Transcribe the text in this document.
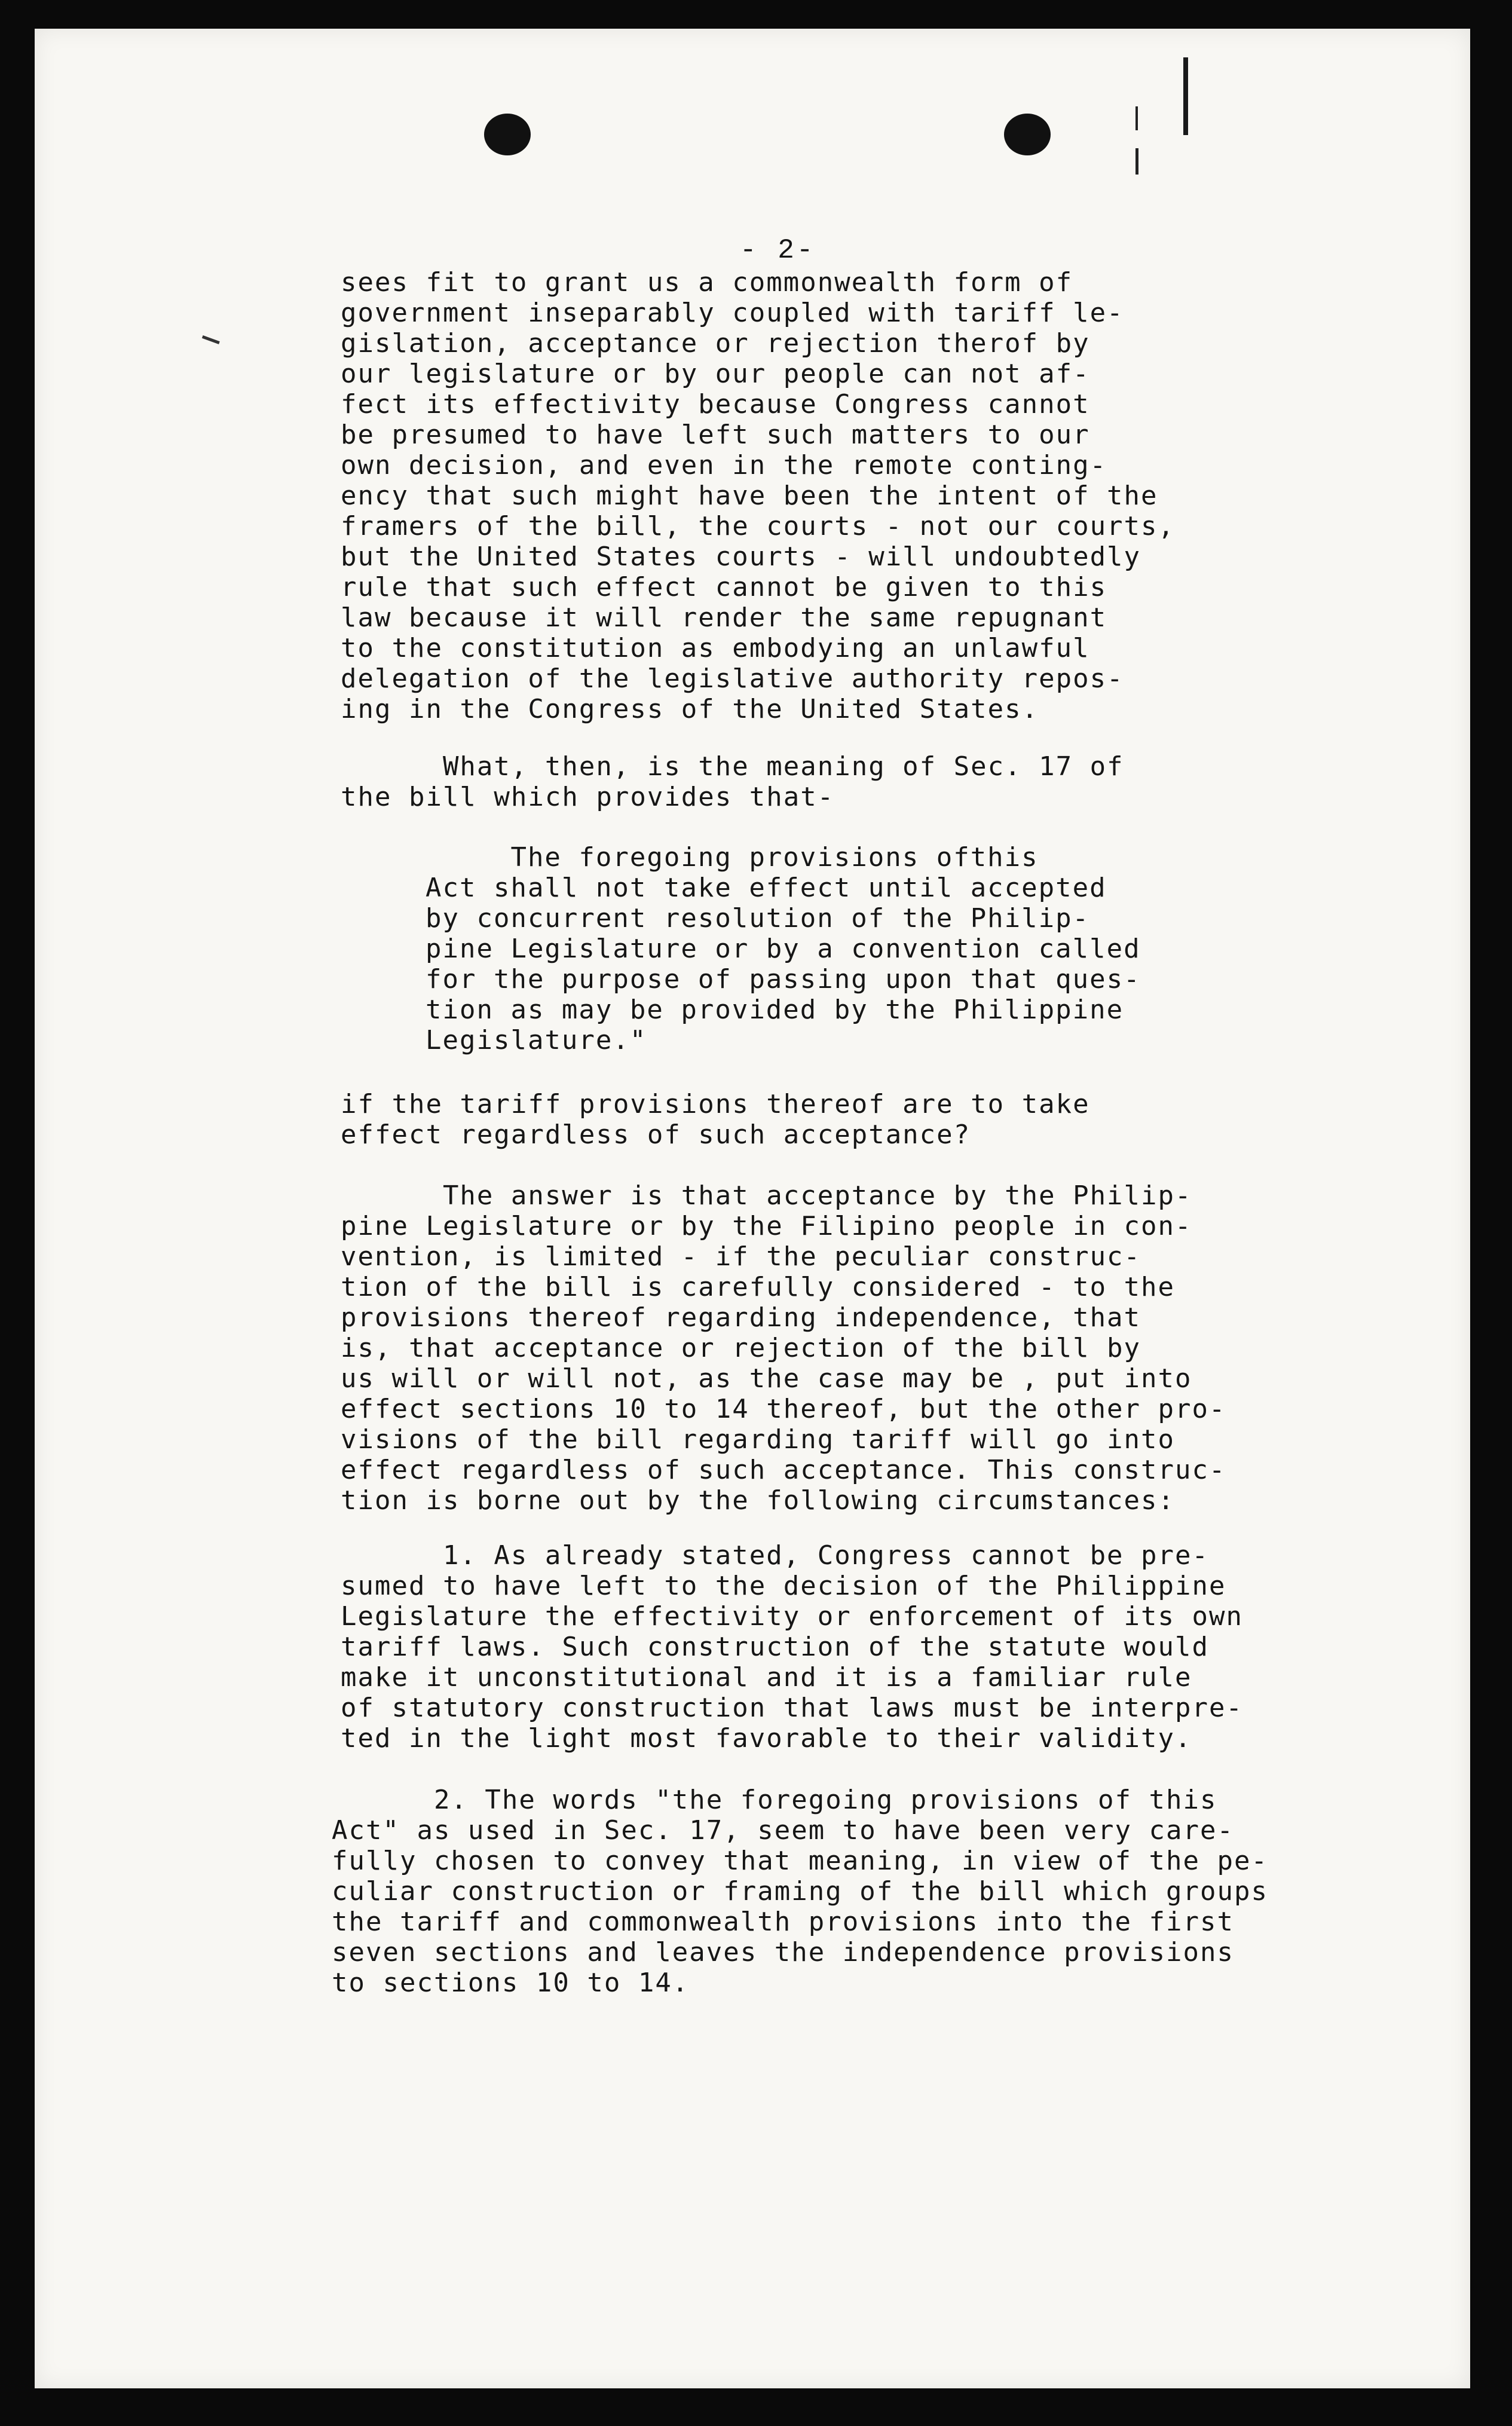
- 2-
sees fit to grant us a commonwealth form of
government inseparably coupled with tariff le-
gislation, acceptance or rejection therof by
our legislature or by our people can not af-
fect its effectivity because Congress cannot
be presumed to have left such matters to our
own decision, and even in the remote conting-
ency that such might have been the intent of the
framers of the bill, the courts - not our courts,
but the United States courts - will undoubtedly
rule that such effect cannot be given to this
law because it will render the same repugnant
to the constitution as embodying an unlawful
delegation of the legislative authority repos-
ing in the Congress of the United States.
What, then, is the meaning of Sec. 17 of
the bill which provides that-
The foregoing provisions ofthis
Act shall not take effect until accepted
by concurrent resolution of the Philip-
pine Legislature or by a convention called
for the purpose of passing upon that ques-
tion as may be provided by the Philippine
Legislature."
if the tariff provisions thereof are to take
effect regardless of such acceptance?
The answer is that acceptance by the Philip-
pine Legislature or by the Filipino people in con-
vention, is limited - if the peculiar construc-
tion of the bill is carefully considered - to the
provisions thereof regarding independence, that
is, that acceptance or rejection of the bill by
us will or will not, as the case may be , put into
effect sections 10 to 14 thereof, but the other pro-
visions of the bill regarding tariff will go into
effect regardless of such acceptance. This construc-
tion is borne out by the following circumstances:
1. As already stated, Congress cannot be pre-
sumed to have left to the decision of the Philippine
Legislature the effectivity or enforcement of its own
tariff laws. Such construction of the statute would
make it unconstitutional and it is a familiar rule
of statutory construction that laws must be interpre-
ted in the light most favorable to their validity.
2. The words "the foregoing provisions of this
Act" as used in Sec. 17, seem to have been very care-
fully chosen to convey that meaning, in view of the pe-
culiar construction or framing of the bill which groups
the tariff and commonwealth provisions into the first
seven sections and leaves the independence provisions
to sections 10 to 14.
